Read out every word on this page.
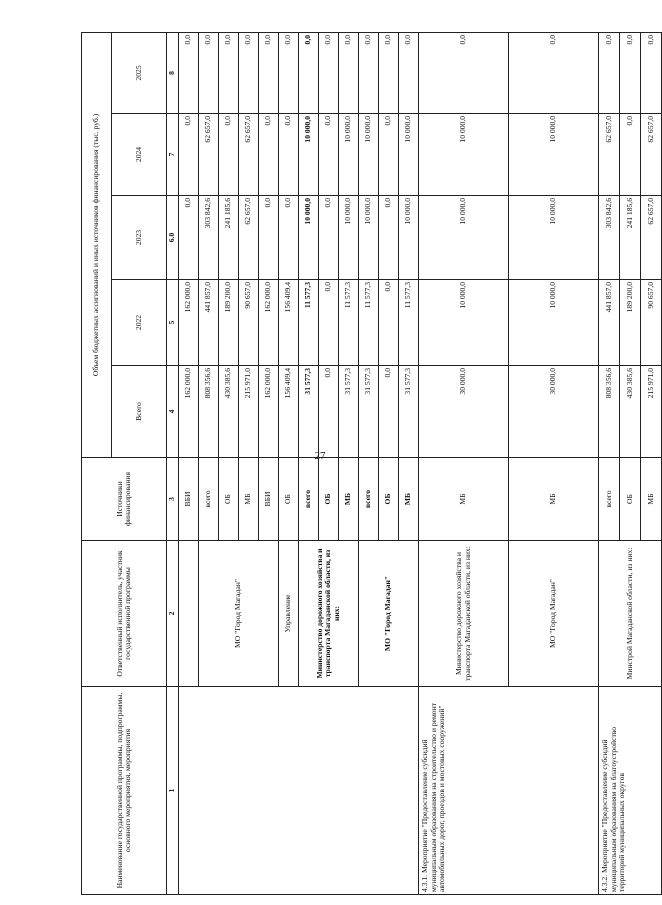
27
Наименование государственной программы, подпрограммы, основного мероприятия, мероприятия	Ответственный исполнитель, участник государственной программы	Источники финансирования	Объем бюджетных ассигнований и иных источников финансирования (тыс. руб.)				
			Всего	2022	2023	2024	2025
1	2	3	4	5	6.0	7	8
		ВБИ	162 000,0	162 000,0	0,0	0,0	0,0
	МО "Город Магадан"	всего	808 356,6	441 857,0	303 842,6	62 657,0	0,0
		ОБ	430 385,6	189 200,0	241 185,6	0,0	0,0
		МБ	215 971,0	90 657,0	62 657,0	62 657,0	0,0
		ВБИ	162 000,0	162 000,0	0,0	0,0	0,0
	Управление	ОБ	156 409,4	156 409,4	0,0	0,0	0,0
	Министерство дорожного хозяйства и транспорта Магаданской области, из них:	всего	31 577,3	11 577,3	10 000,0	10 000,0	0,0
		ОБ	0,0	0,0	0,0	0,0	0,0
		МБ	31 577,3	11 577,3	10 000,0	10 000,0	0,0
	МО "Город Магадан"	всего	31 577,3	11 577,3	10 000,0	10 000,0	0,0
		ОБ	0,0	0,0	0,0	0,0	0,0
		МБ	31 577,3	11 577,3	10 000,0	10 000,0	0,0
4.3.1. Мероприятие "Предоставление субсидий муниципальным образованиям на строительство и ремонт автомобильных дорог, проездов и мостовых сооружений"	Министерство дорожного хозяйства и транспорта Магаданской области, из них:	МБ	30 000,0	10 000,0	10 000,0	10 000,0	0,0
	МО "Город Магадан"	МБ	30 000,0	10 000,0	10 000,0	10 000,0	0,0
4.3.2. Мероприятие "Предоставление субсидий муниципальным образованиям на благоустройство территорий муниципальных округов	Минстрой Магаданской области, из них:	всего	808 356,6	441 857,0	303 842,6	62 657,0	0,0
		ОБ	430 385,6	189 200,0	241 185,6	0,0	0,0
		МБ	215 971,0	90 657,0	62 657,0	62 657,0	0,0
